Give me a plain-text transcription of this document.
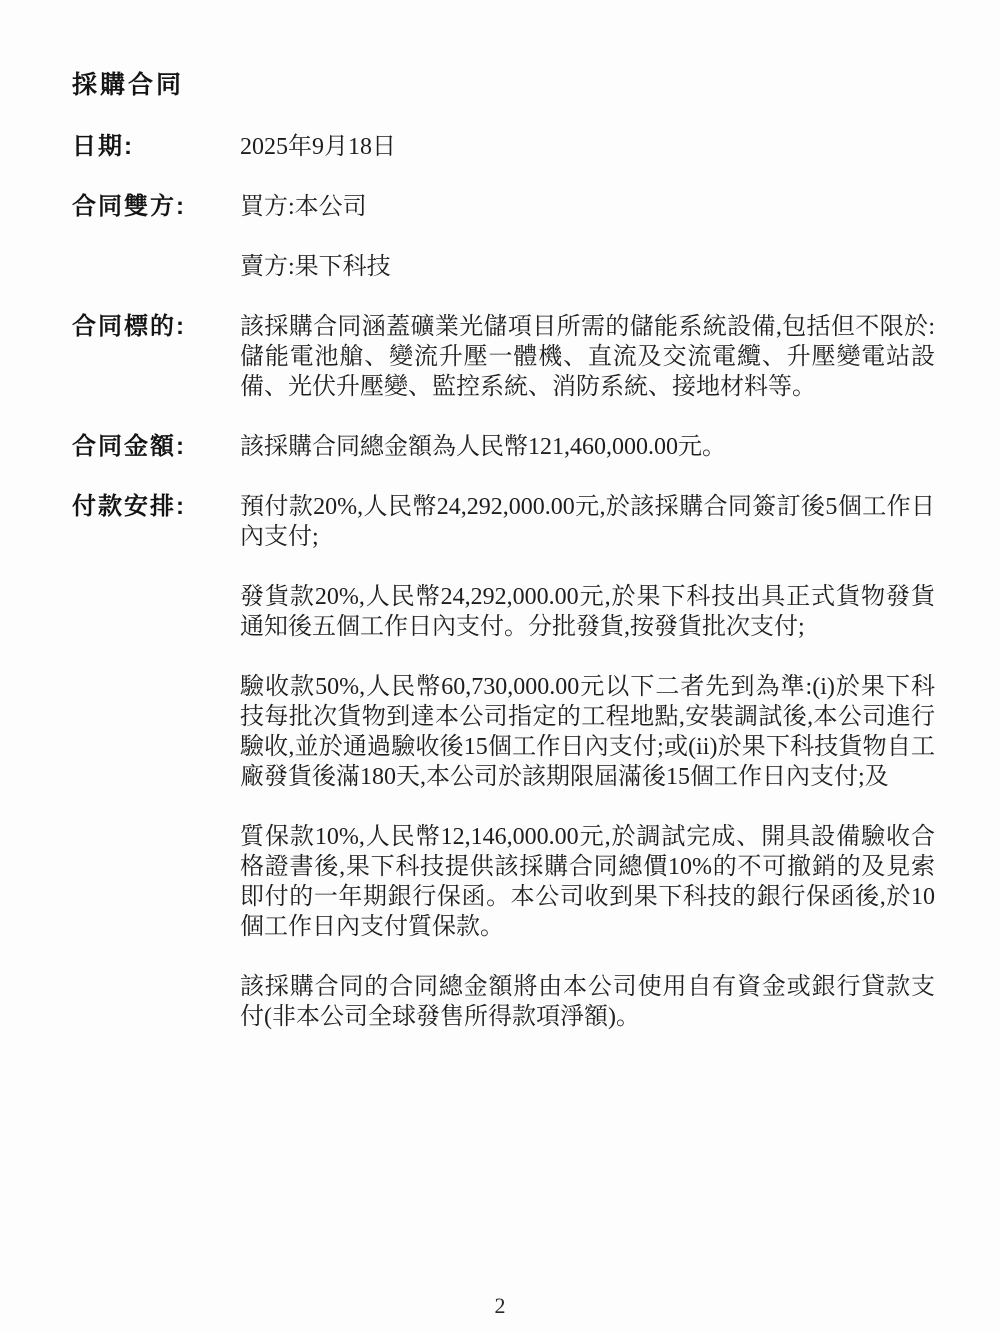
採購合同
日期:	2025年9月18日

合同雙方:	買方:本公司

賣方:果下科技

合同標的:	該採購合同涵蓋礦業光儲項目所需的儲能系統設備,包括但不限於:儲能電池艙、變流升壓一體機、直流及交流電纜、升壓變電站設備、光伏升壓變、監控系統、消防系統、接地材料等。

合同金額:	該採購合同總金額為人民幣121,460,000.00元。

付款安排:	預付款20%,人民幣24,292,000.00元,於該採購合同簽訂後5個工作日內支付;

發貨款20%,人民幣24,292,000.00元,於果下科技出具正式貨物發貨通知後五個工作日內支付。分批發貨,按發貨批次支付;

驗收款50%,人民幣60,730,000.00元以下二者先到為準:(i)於果下科技每批次貨物到達本公司指定的工程地點,安裝調試後,本公司進行驗收,並於通過驗收後15個工作日內支付;或(ii)於果下科技貨物自工廠發貨後滿180天,本公司於該期限屆滿後15個工作日內支付;及

質保款10%,人民幣12,146,000.00元,於調試完成、開具設備驗收合格證書後,果下科技提供該採購合同總價10%的不可撤銷的及見索即付的一年期銀行保函。本公司收到果下科技的銀行保函後,於10個工作日內支付質保款。

該採購合同的合同總金額將由本公司使用自有資金或銀行貸款支付(非本公司全球發售所得款項淨額)。

2
